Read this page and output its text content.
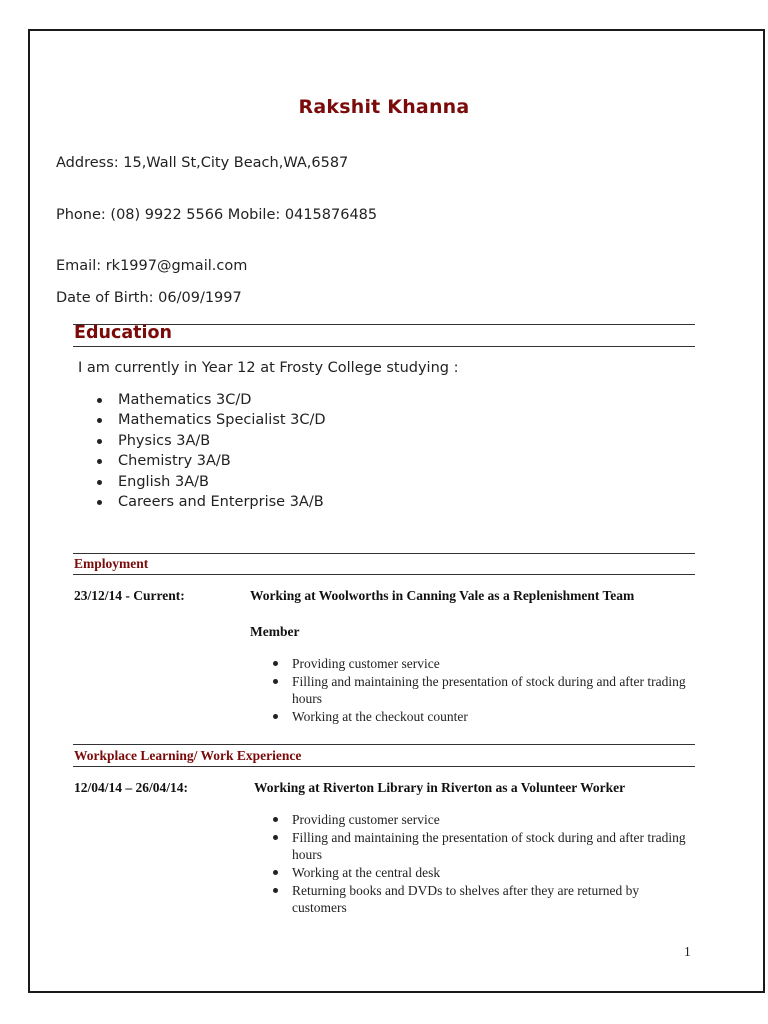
Rakshit Khanna
Address: 15,Wall St,City Beach,WA,6587
Phone: (08) 9922 5566 Mobile: 0415876485
Email: rk1997@gmail.com
Date of Birth: 06/09/1997
Education
I am currently in Year 12 at Frosty College studying :
Mathematics 3C/D
Mathematics Specialist 3C/D
Physics 3A/B
Chemistry 3A/B
English 3A/B
Careers and Enterprise 3A/B
Employment
23/12/14 - Current:	Working at Woolworths in Canning Vale as a Replenishment Team
Member
Providing customer service
Filling and maintaining the presentation of stock during and after trading hours
Working at the checkout counter
Workplace Learning/ Work Experience
12/04/14 – 26/04/14:	Working at Riverton Library in Riverton as a Volunteer Worker
Providing customer service
Filling and maintaining the presentation of stock during and after trading hours
Working at the central desk
Returning books and DVDs to shelves after they are returned by customers
1
